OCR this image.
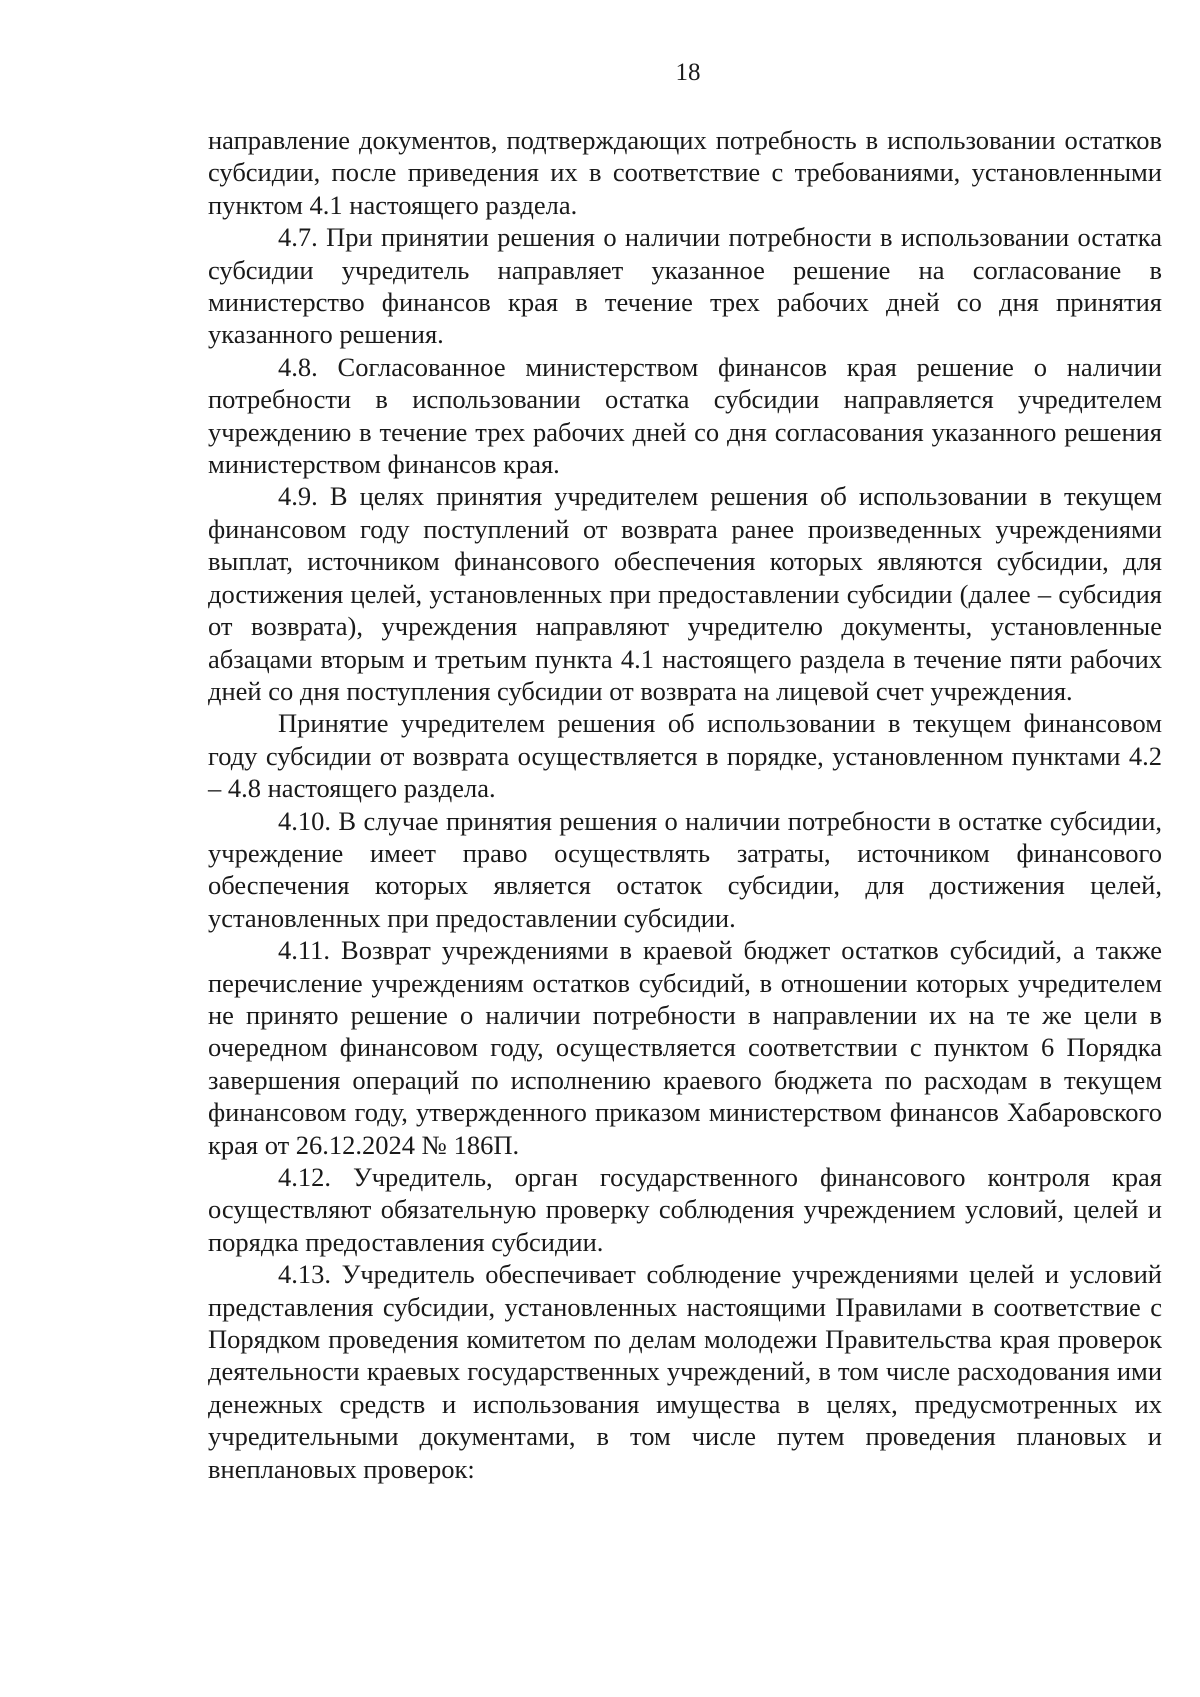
18

направление документов, подтверждающих потребность в использовании остатков субсидии, после приведения их в соответствие с требованиями, установленными пунктом 4.1 настоящего раздела.

4.7. При принятии решения о наличии потребности в использовании остатка субсидии учредитель направляет указанное решение на согласование в министерство финансов края в течение трех рабочих дней со дня принятия указанного решения.

4.8. Согласованное министерством финансов края решение о наличии потребности в использовании остатка субсидии направляется учредителем учреждению в течение трех рабочих дней со дня согласования указанного решения министерством финансов края.

4.9. В целях принятия учредителем решения об использовании в текущем финансовом году поступлений от возврата ранее произведенных учреждениями выплат, источником финансового обеспечения которых являются субсидии, для достижения целей, установленных при предоставлении субсидии (далее – субсидия от возврата), учреждения направляют учредителю документы, установленные абзацами вторым и третьим пункта 4.1 настоящего раздела в течение пяти рабочих дней со дня поступления субсидии от возврата на лицевой счет учреждения.

Принятие учредителем решения об использовании в текущем финансовом году субсидии от возврата осуществляется в порядке, установленном пунктами 4.2 – 4.8 настоящего раздела.

4.10. В случае принятия решения о наличии потребности в остатке субсидии, учреждение имеет право осуществлять затраты, источником финансового обеспечения которых является остаток субсидии, для достижения целей, установленных при предоставлении субсидии.

4.11. Возврат учреждениями в краевой бюджет остатков субсидий, а также перечисление учреждениям остатков субсидий, в отношении которых учредителем не принято решение о наличии потребности в направлении их на те же цели в очередном финансовом году, осуществляется соответствии с пунктом 6 Порядка завершения операций по исполнению краевого бюджета по расходам в текущем финансовом году, утвержденного приказом министерством финансов Хабаровского края от 26.12.2024 № 186П.

4.12. Учредитель, орган государственного финансового контроля края осуществляют обязательную проверку соблюдения учреждением условий, целей и порядка предоставления субсидии.

4.13. Учредитель обеспечивает соблюдение учреждениями целей и условий представления субсидии, установленных настоящими Правилами в соответствие с Порядком проведения комитетом по делам молодежи Правительства края проверок деятельности краевых государственных учреждений, в том числе расходования ими денежных средств и использования имущества в целях, предусмотренных их учредительными документами, в том числе путем проведения плановых и внеплановых проверок:
